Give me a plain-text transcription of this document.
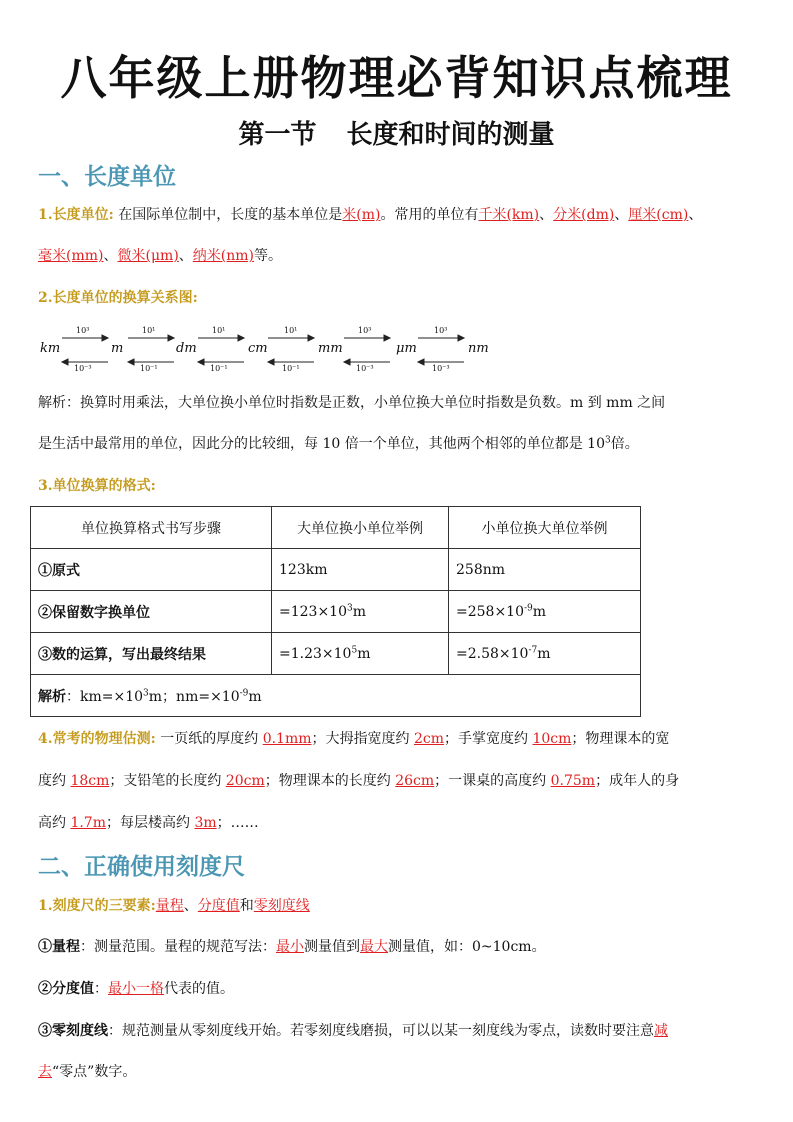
八年级上册物理必背知识点梳理
第一节 长度和时间的测量
一、长度单位
1.长度单位: 在国际单位制中，长度的基本单位是米(m)。常用的单位有千米(km)、分米(dm)、厘米(cm)、
毫米(mm)、微米(μm)、纳米(nm)等。
2.长度单位的换算关系图:
km	m	dm	cm	mm	μm	nm
10³	10¹	10¹	10¹	10³	10³
10⁻³	10⁻¹	10⁻¹	10⁻¹	10⁻³	10⁻³
解析：换算时用乘法，大单位换小单位时指数是正数，小单位换大单位时指数是负数。m 到 mm 之间
是生活中最常用的单位，因此分的比较细，每 10 倍一个单位，其他两个相邻的单位都是 $10^3$倍。
3.单位换算的格式:
单位换算格式书写步骤	大单位换小单位举例	小单位换大单位举例
①原式	123km	258nm
②保留数字换单位	$=123\times 10^3m$	$=258\times 10^{-9}m$
③数的运算，写出最终结果	$=1.23\times 10^5m$	$=2.58\times 10^{-7}m$
解析：$km=\times 10^3m$；$nm=\times 10^{-9}m$		
4.常考的物理估测: 一页纸的厚度约 0.1mm；大拇指宽度约 2cm；手掌宽度约 10cm；物理课本的宽
度约 18cm；支铅笔的长度约 20cm；物理课本的长度约 26cm；一课桌的高度约 0.75m；成年人的身
高约 1.7m；每层楼高约 3m；……
二、正确使用刻度尺
1.刻度尺的三要素:量程、分度值和零刻度线
①量程：测量范围。量程的规范写法：最小测量值到最大测量值，如：0~10cm。
②分度值：最小一格代表的值。
③零刻度线：规范测量从零刻度线开始。若零刻度线磨损，可以以某一刻度线为零点，读数时要注意减
去“零点”数字。
